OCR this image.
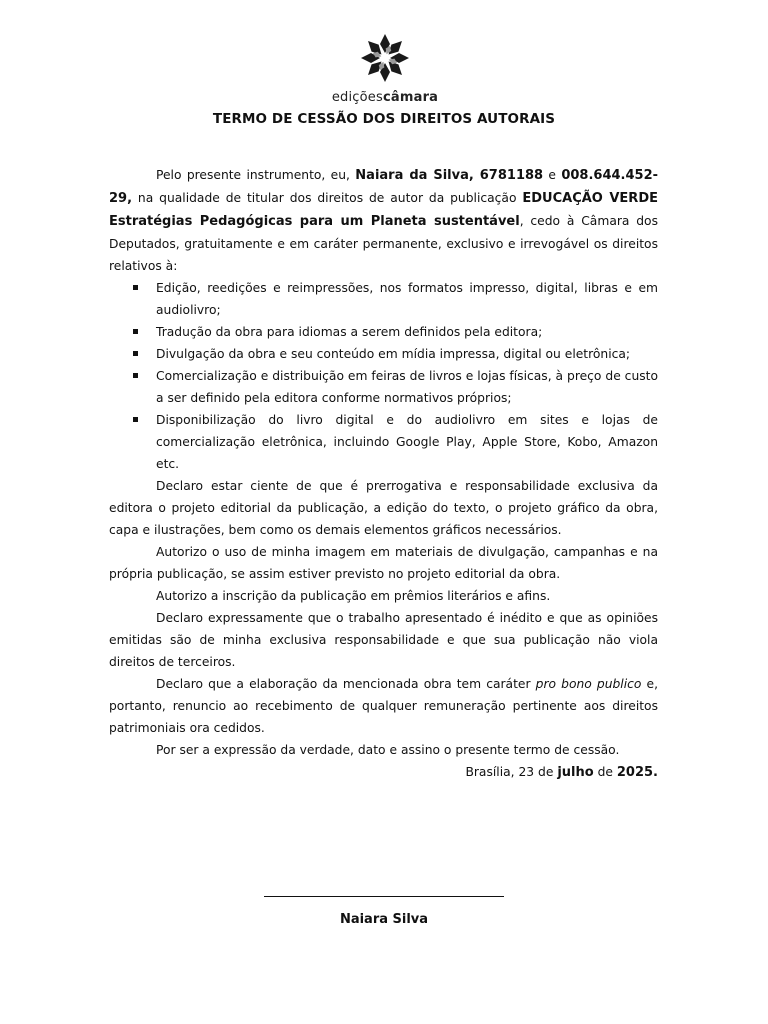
ediçõescâmara
TERMO DE CESSÃO DOS DIREITOS AUTORAIS

Pelo presente instrumento, eu, Naiara da Silva, 6781188 e 008.644.452-29, na qualidade de titular dos direitos de autor da publicação EDUCAÇÃO VERDE Estratégias Pedagógicas para um Planeta sustentável, cedo à Câmara dos Deputados, gratuitamente e em caráter permanente, exclusivo e irrevogável os direitos relativos à:

Edição, reedições e reimpressões, nos formatos impresso, digital, libras e em audiolivro;
Tradução da obra para idiomas a serem definidos pela editora;
Divulgação da obra e seu conteúdo em mídia impressa, digital ou eletrônica;
Comercialização e distribuição em feiras de livros e lojas físicas, à preço de custo a ser definido pela editora conforme normativos próprios;
Disponibilização do livro digital e do audiolivro em sites e lojas de comercialização eletrônica, incluindo Google Play, Apple Store, Kobo, Amazon etc.

Declaro estar ciente de que é prerrogativa e responsabilidade exclusiva da editora o projeto editorial da publicação, a edição do texto, o projeto gráfico da obra, capa e ilustrações, bem como os demais elementos gráficos necessários.

Autorizo o uso de minha imagem em materiais de divulgação, campanhas e na própria publicação, se assim estiver previsto no projeto editorial da obra.

Autorizo a inscrição da publicação em prêmios literários e afins.

Declaro expressamente que o trabalho apresentado é inédito e que as opiniões emitidas são de minha exclusiva responsabilidade e que sua publicação não viola direitos de terceiros.

Declaro que a elaboração da mencionada obra tem caráter pro bono publico e, portanto, renuncio ao recebimento de qualquer remuneração pertinente aos direitos patrimoniais ora cedidos.

Por ser a expressão da verdade, dato e assino o presente termo de cessão.

Brasília, 23 de julho de 2025.

Naiara Silva
